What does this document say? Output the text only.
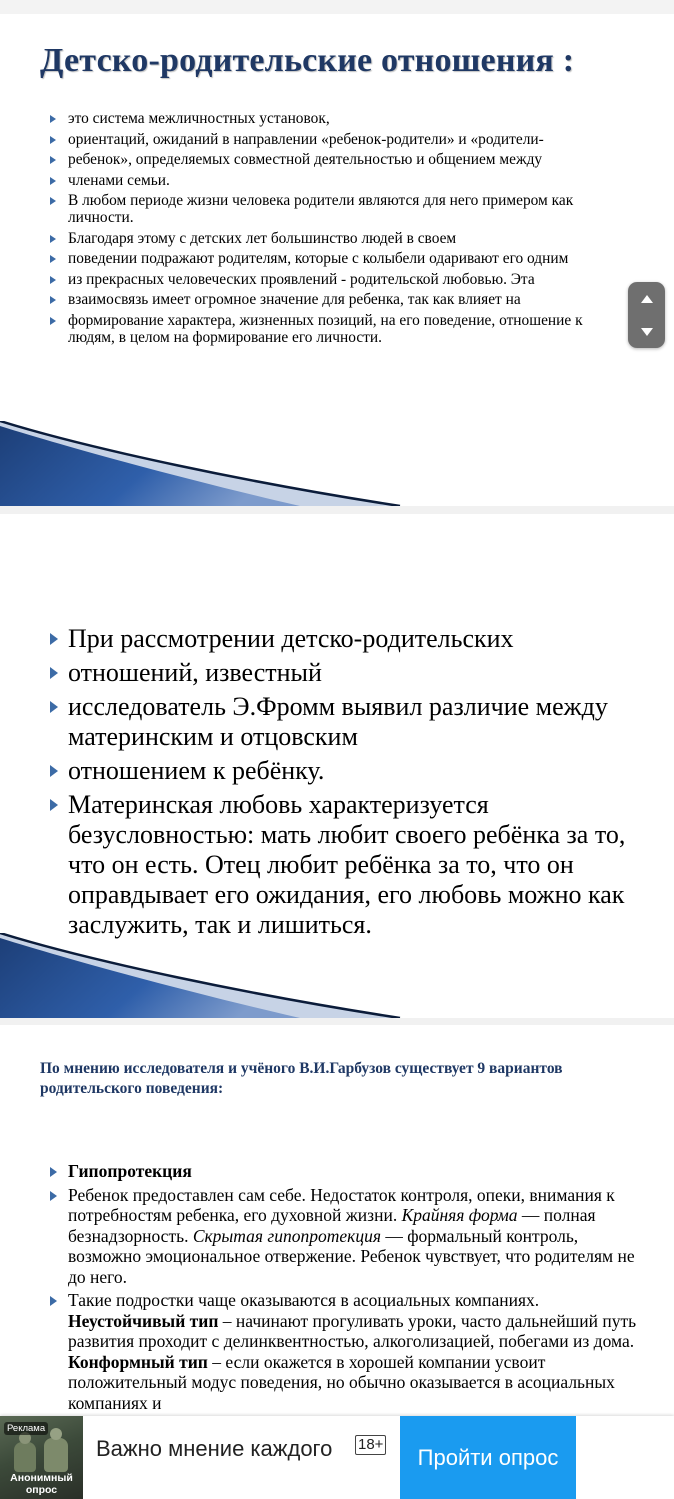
Детско-родительские отношения :
это система межличностных установок,
ориентаций, ожиданий в направлении «ребенок-родители» и «родители-
ребенок», определяемых совместной деятельностью и общением между
членами семьи.
В любом периоде жизни человека родители являются для него примером как личности.
Благодаря этому с детских лет большинство людей в своем
поведении подражают родителям, которые с колыбели одаривают его одним
из прекрасных человеческих проявлений - родительской любовью. Эта
взаимосвязь имеет огромное значение для ребенка, так как влияет на
формирование характера, жизненных позиций, на его поведение, отношение к людям, в целом на формирование его личности.
При рассмотрении детско-родительских
отношений, известный
исследователь Э.Фромм выявил различие между материнским и отцовским
отношением к ребёнку.
Материнская любовь характеризуется безусловностью: мать любит своего ребёнка за то, что он есть. Отец любит ребёнка за то, что он оправдывает его ожидания, его любовь можно как заслужить, так и лишиться.
По мнению исследователя и учёного В.И.Гарбузов существует 9 вариантов родительского поведения:
Гипопротекция
Ребенок предоставлен сам себе. Недостаток контроля, опеки, внимания к потребностям ребенка, его духовной жизни. Крайняя форма — полная безнадзорность. Скрытая гипопротекция — формальный контроль, возможно эмоциональное отвержение. Ребенок чувствует, что родителям не до него.
Такие подростки чаще оказываются в асоциальных компаниях. Неустойчивый тип – начинают прогуливать уроки, часто дальнейший путь развития проходит с делинквентностью, алкоголизацией, побегами из дома. Конформный тип – если окажется в хорошей компании усвоит положительный модус поведения, но обычно оказывается в асоциальных компаниях и
Реклама
Анонимный опрос
Важно мнение каждого 18+	Пройти опрос
